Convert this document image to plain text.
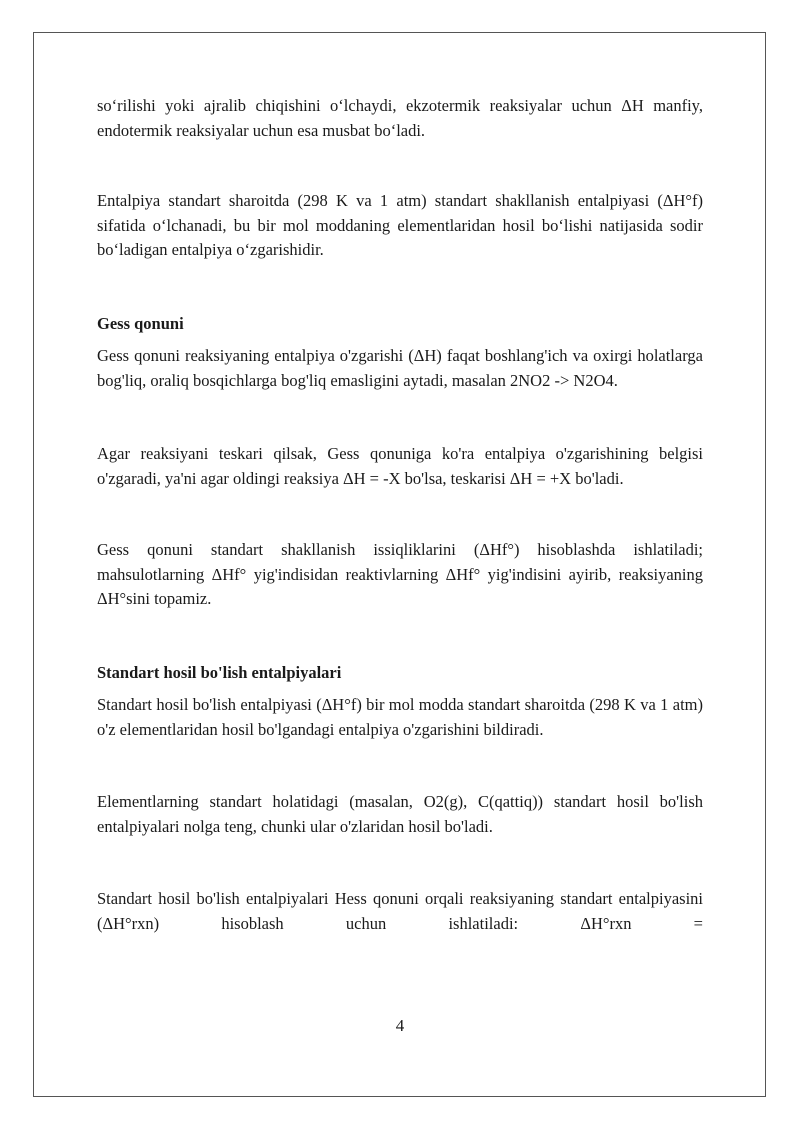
so‘rilishi yoki ajralib chiqishini o‘lchaydi, ekzotermik reaksiyalar uchun ΔH manfiy, endotermik reaksiyalar uchun esa musbat bo‘ladi.

Entalpiya standart sharoitda (298 K va 1 atm) standart shakllanish entalpiyasi (ΔH°f) sifatida o‘lchanadi, bu bir mol moddaning elementlaridan hosil bo‘lishi natijasida sodir bo‘ladigan entalpiya o‘zgarishidir.

Gess qonuni

Gess qonuni reaksiyaning entalpiya o'zgarishi (ΔH) faqat boshlang'ich va oxirgi holatlarga bog'liq, oraliq bosqichlarga bog'liq emasligini aytadi, masalan 2NO2 -> N2O4.

Agar reaksiyani teskari qilsak, Gess qonuniga ko'ra entalpiya o'zgarishining belgisi o'zgaradi, ya'ni agar oldingi reaksiya ΔH = -X bo'lsa, teskarisi ΔH = +X bo'ladi.

Gess qonuni standart shakllanish issiqliklarini (ΔHf°) hisoblashda ishlatiladi; mahsulotlarning ΔHf° yig'indisidan reaktivlarning ΔHf° yig'indisini ayirib, reaksiyaning ΔH°sini topamiz.

Standart hosil bo'lish entalpiyalari

Standart hosil bo'lish entalpiyasi (ΔH°f) bir mol modda standart sharoitda (298 K va 1 atm) o'z elementlaridan hosil bo'lgandagi entalpiya o'zgarishini bildiradi.

Elementlarning standart holatidagi (masalan, O2(g), C(qattiq)) standart hosil bo'lish entalpiyalari nolga teng, chunki ular o'zlaridan hosil bo'ladi.

Standart hosil bo'lish entalpiyalari Hess qonuni orqali reaksiyaning standart entalpiyasini (ΔH°rxn) hisoblash uchun ishlatiladi: ΔH°rxn =

4
